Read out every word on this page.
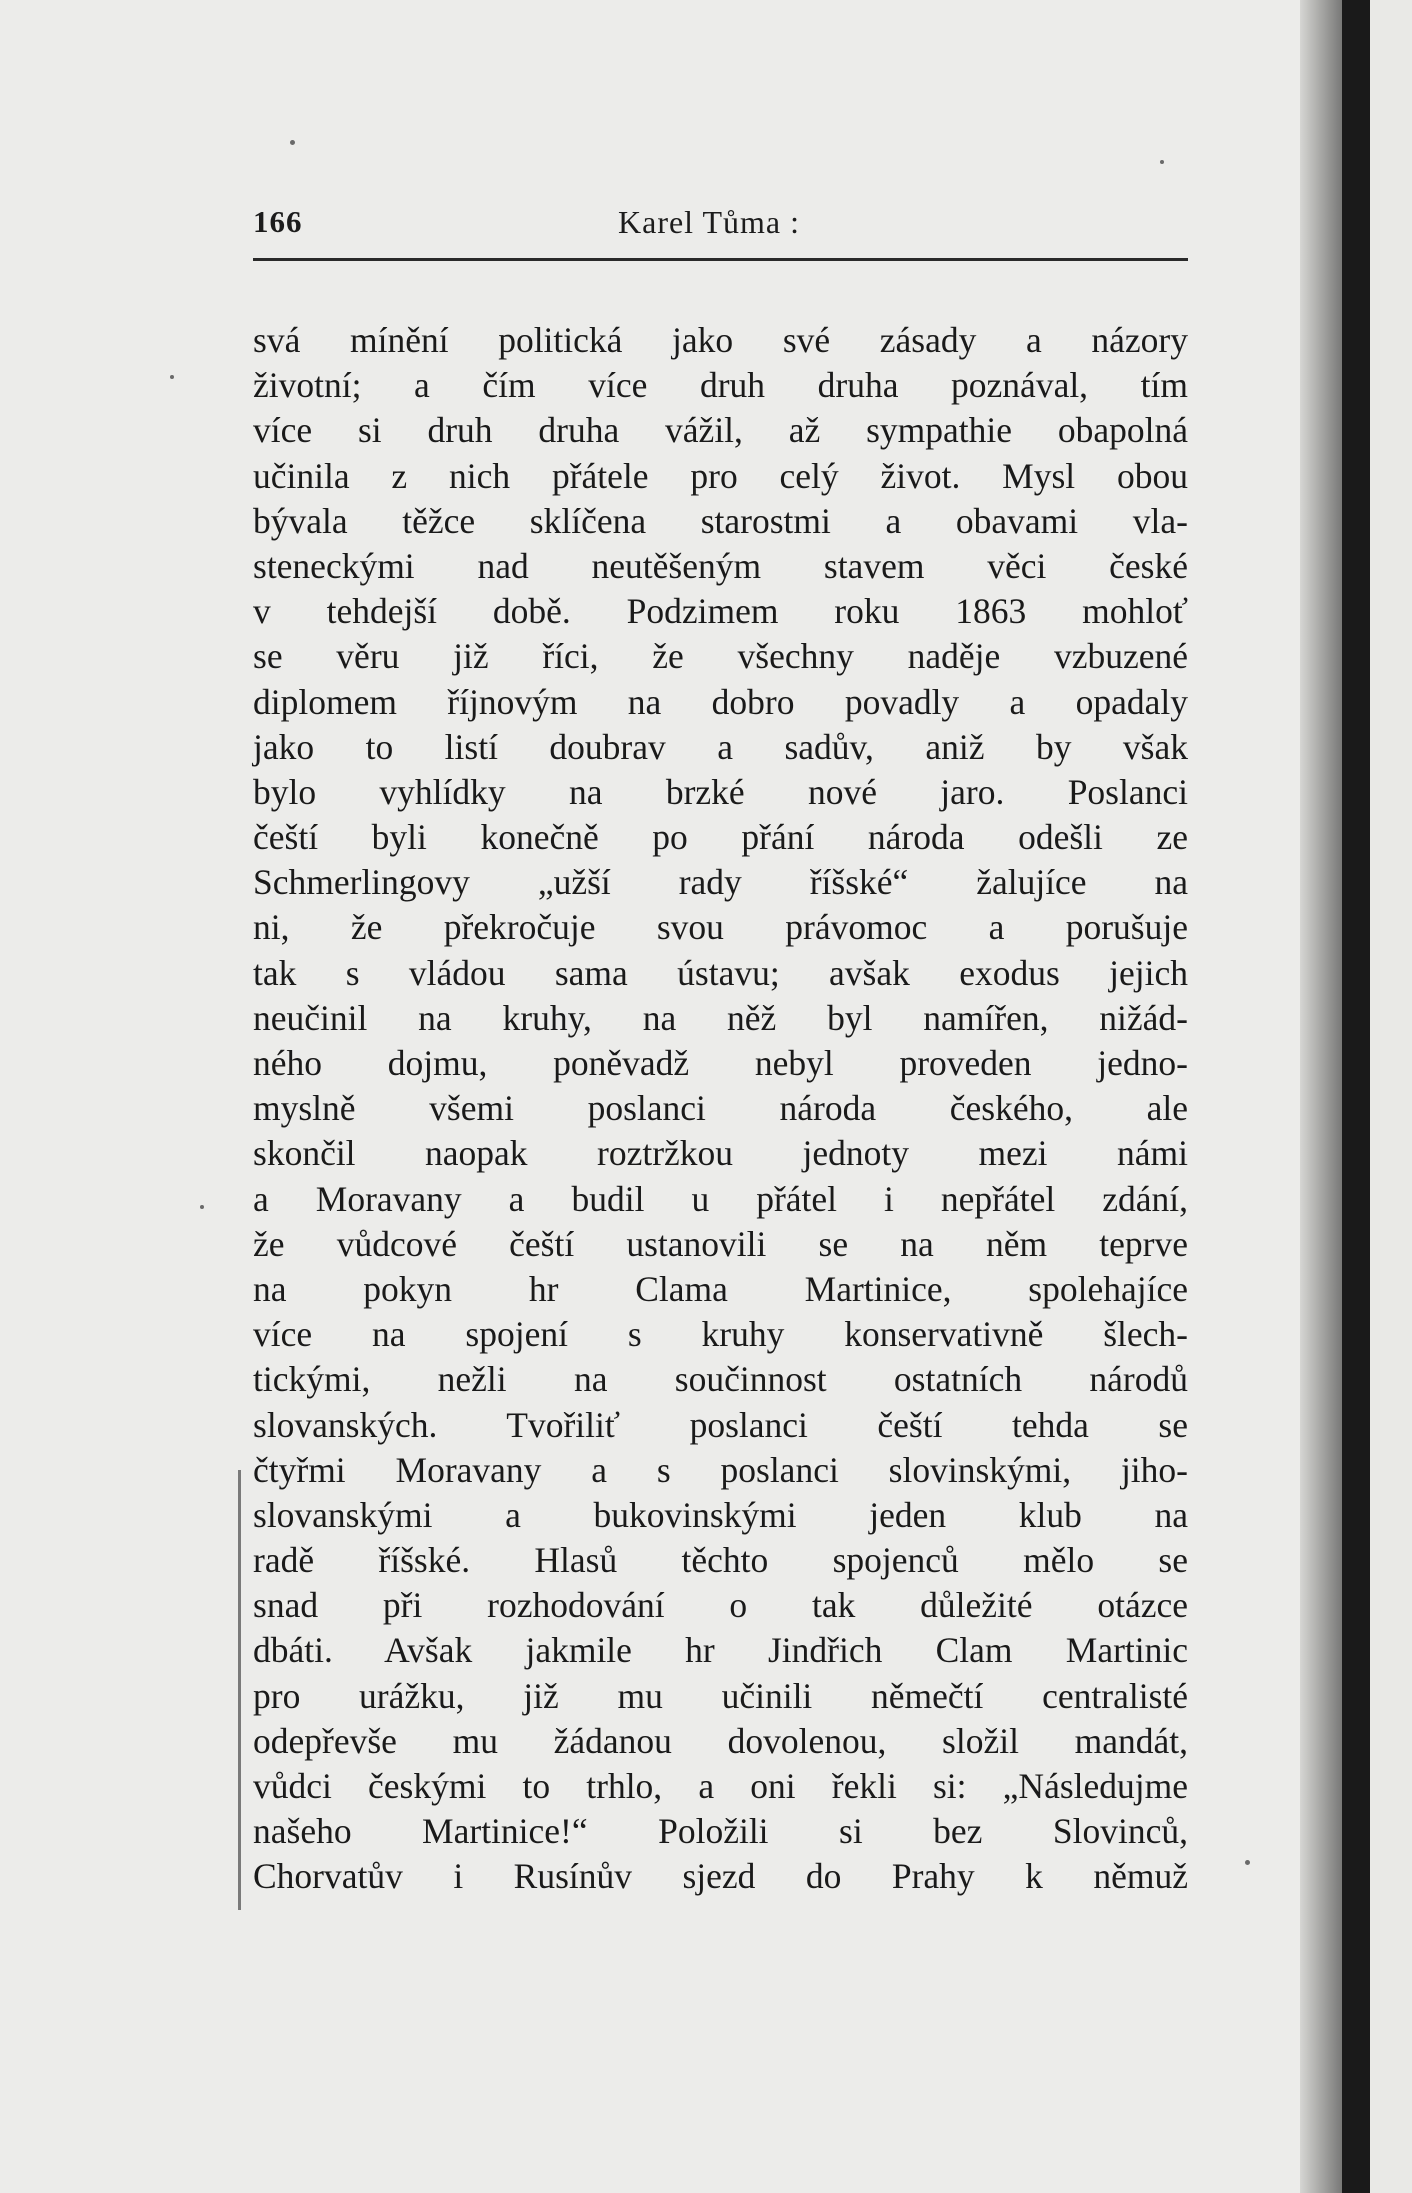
166	Karel Tůma :
svá mínění politická jako své zásady a názory
životní; a čím více druh druha poznával, tím
více si druh druha vážil, až sympathie obapolná
učinila z nich přátele pro celý život. Mysl obou
bývala těžce sklíčena starostmi a obavami vla-
steneckými nad neutěšeným stavem věci české
v tehdejší době. Podzimem roku 1863 mohloť
se věru již říci, že všechny naděje vzbuzené
diplomem říjnovým na dobro povadly a opadaly
jako to listí doubrav a sadův, aniž by však
bylo vyhlídky na brzké nové jaro. Poslanci
čeští byli konečně po přání národa odešli ze
Schmerlingovy „užší rady říšské“ žalujíce na
ni, že překročuje svou právomoc a porušuje
tak s vládou sama ústavu; avšak exodus jejich
neučinil na kruhy, na něž byl namířen, nižád-
ného dojmu, poněvadž nebyl proveden jedno-
myslně všemi poslanci národa českého, ale
skončil naopak roztržkou jednoty mezi námi
a Moravany a budil u přátel i nepřátel zdání,
že vůdcové čeští ustanovili se na něm teprve
na pokyn hr Clama Martinice, spolehajíce
více na spojení s kruhy konservativně šlech-
tickými, nežli na součinnost ostatních národů
slovanských. Tvořiliť poslanci čeští tehda se
čtyřmi Moravany a s poslanci slovinskými, jiho-
slovanskými a bukovinskými jeden klub na
radě říšské. Hlasů těchto spojenců mělo se
snad při rozhodování o tak důležité otázce
dbáti. Avšak jakmile hr Jindřich Clam Martinic
pro urážku, již mu učinili němečtí centralisté
odepřevše mu žádanou dovolenou, složil mandát,
vůdci českými to trhlo, a oni řekli si: „Následujme
našeho Martinice!“ Položili si bez Slovinců,
Chorvatův i Rusínův sjezd do Prahy k němuž
